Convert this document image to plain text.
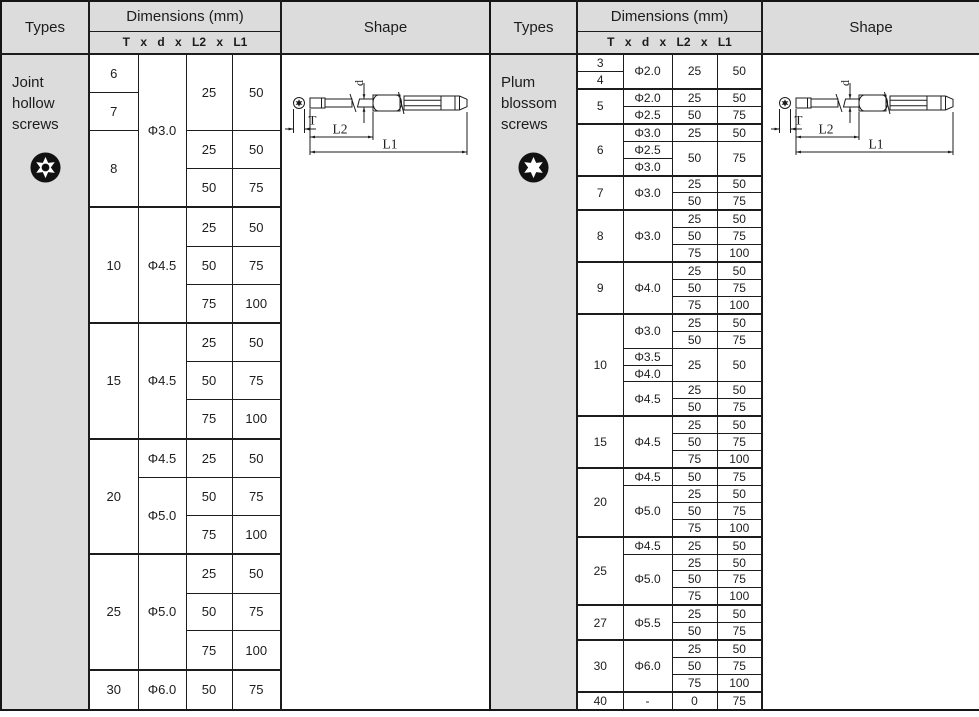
Types	Dimensions (mm)				Shape
	T x d x L2 x L1				

Joint hollow screws	6	Φ3.0	25	50	

	7				
	8		25	50	
			50	75	
	10	Φ4.5	25	50	
			50	75	
			75	100	
	15	Φ4.5	25	50	
			50	75	
			75	100	
	20	Φ4.5	25	50	
		Φ5.0	50	75	
			75	100	
	25	Φ5.0	25	50	
			50	75	
			75	100	
	30	Φ6.0	50	75	
Types	Dimensions (mm)				Shape
	T x d x L2 x L1				

Plum blossom screws	3	Φ2.0	25	50	

	4				
	5	Φ2.0	25	50	
		Φ2.5	50	75	
	6	Φ3.0	25	50	
		Φ2.5	50	75	
		Φ3.0			
	7	Φ3.0	25	50	
			50	75	
	8	Φ3.0	25	50	
			50	75	
			75	100	
	9	Φ4.0	25	50	
			50	75	
			75	100	
	10	Φ3.0	25	50	
			50	75	
		Φ3.5	25	50	
		Φ4.0			
		Φ4.5	25	50	
			50	75	
	15	Φ4.5	25	50	
			50	75	
			75	100	
	20	Φ4.5	50	75	
		Φ5.0	25	50	
			50	75	
			75	100	
	25	Φ4.5	25	50	
		Φ5.0	25	50	
			50	75	
			75	100	
	27	Φ5.5	25	50	
			50	75	
	30	Φ6.0	25	50	
			50	75	
			75	100	
	40	-	0	75	
